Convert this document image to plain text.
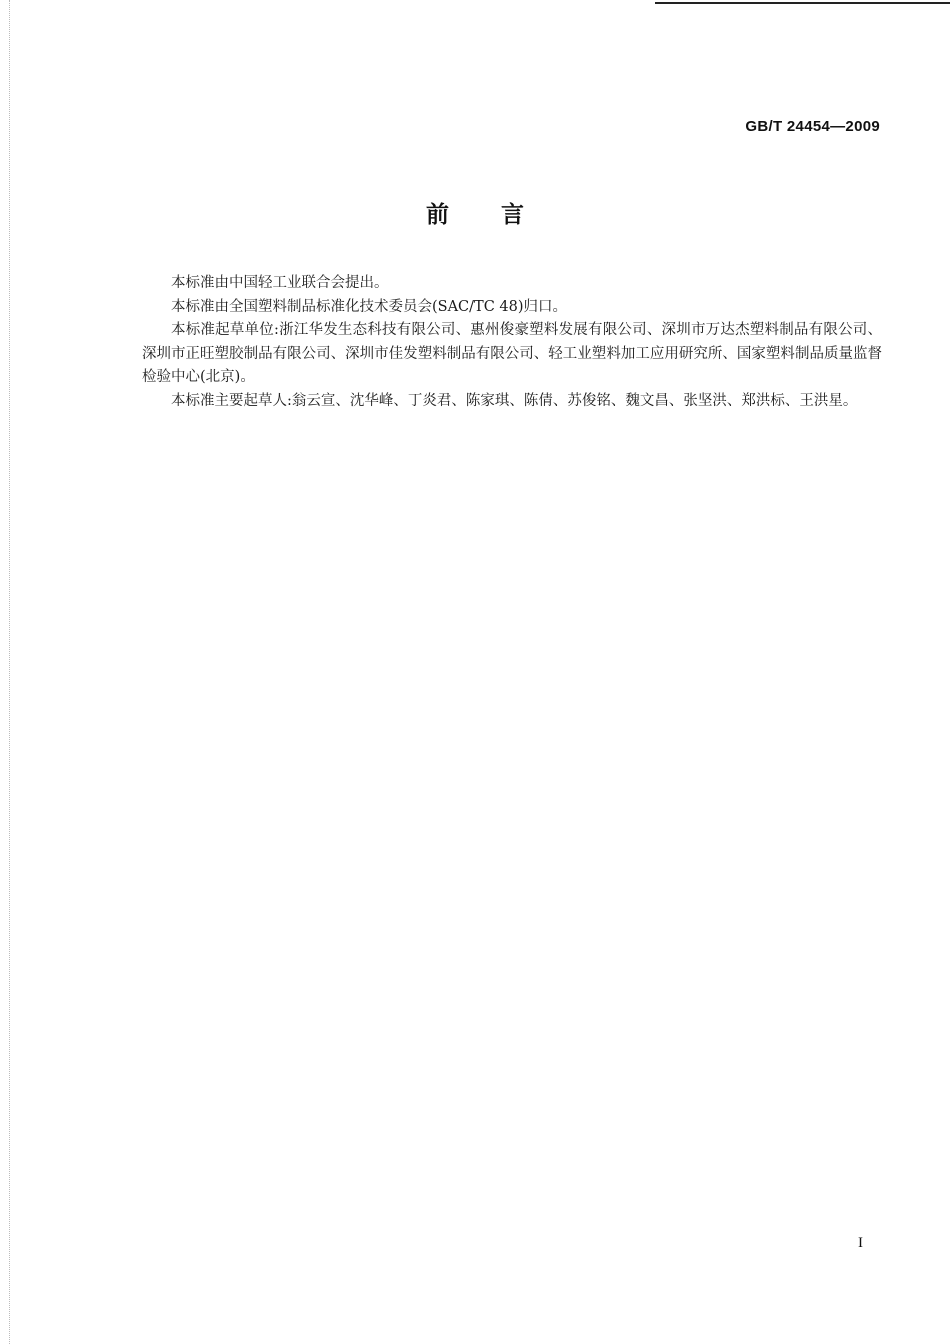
GB/T 24454—2009
前言

本标准由中国轻工业联合会提出。

本标准由全国塑料制品标准化技术委员会(SAC/TC 48)归口。

本标准起草单位:浙江华发生态科技有限公司、惠州俊豪塑料发展有限公司、深圳市万达杰塑料制品有限公司、深圳市正旺塑胶制品有限公司、深圳市佳发塑料制品有限公司、轻工业塑料加工应用研究所、国家塑料制品质量监督检验中心(北京)。

本标准主要起草人:翁云宣、沈华峰、丁炎君、陈家琪、陈倩、苏俊铭、魏文昌、张坚洪、郑洪标、王洪星。

I
